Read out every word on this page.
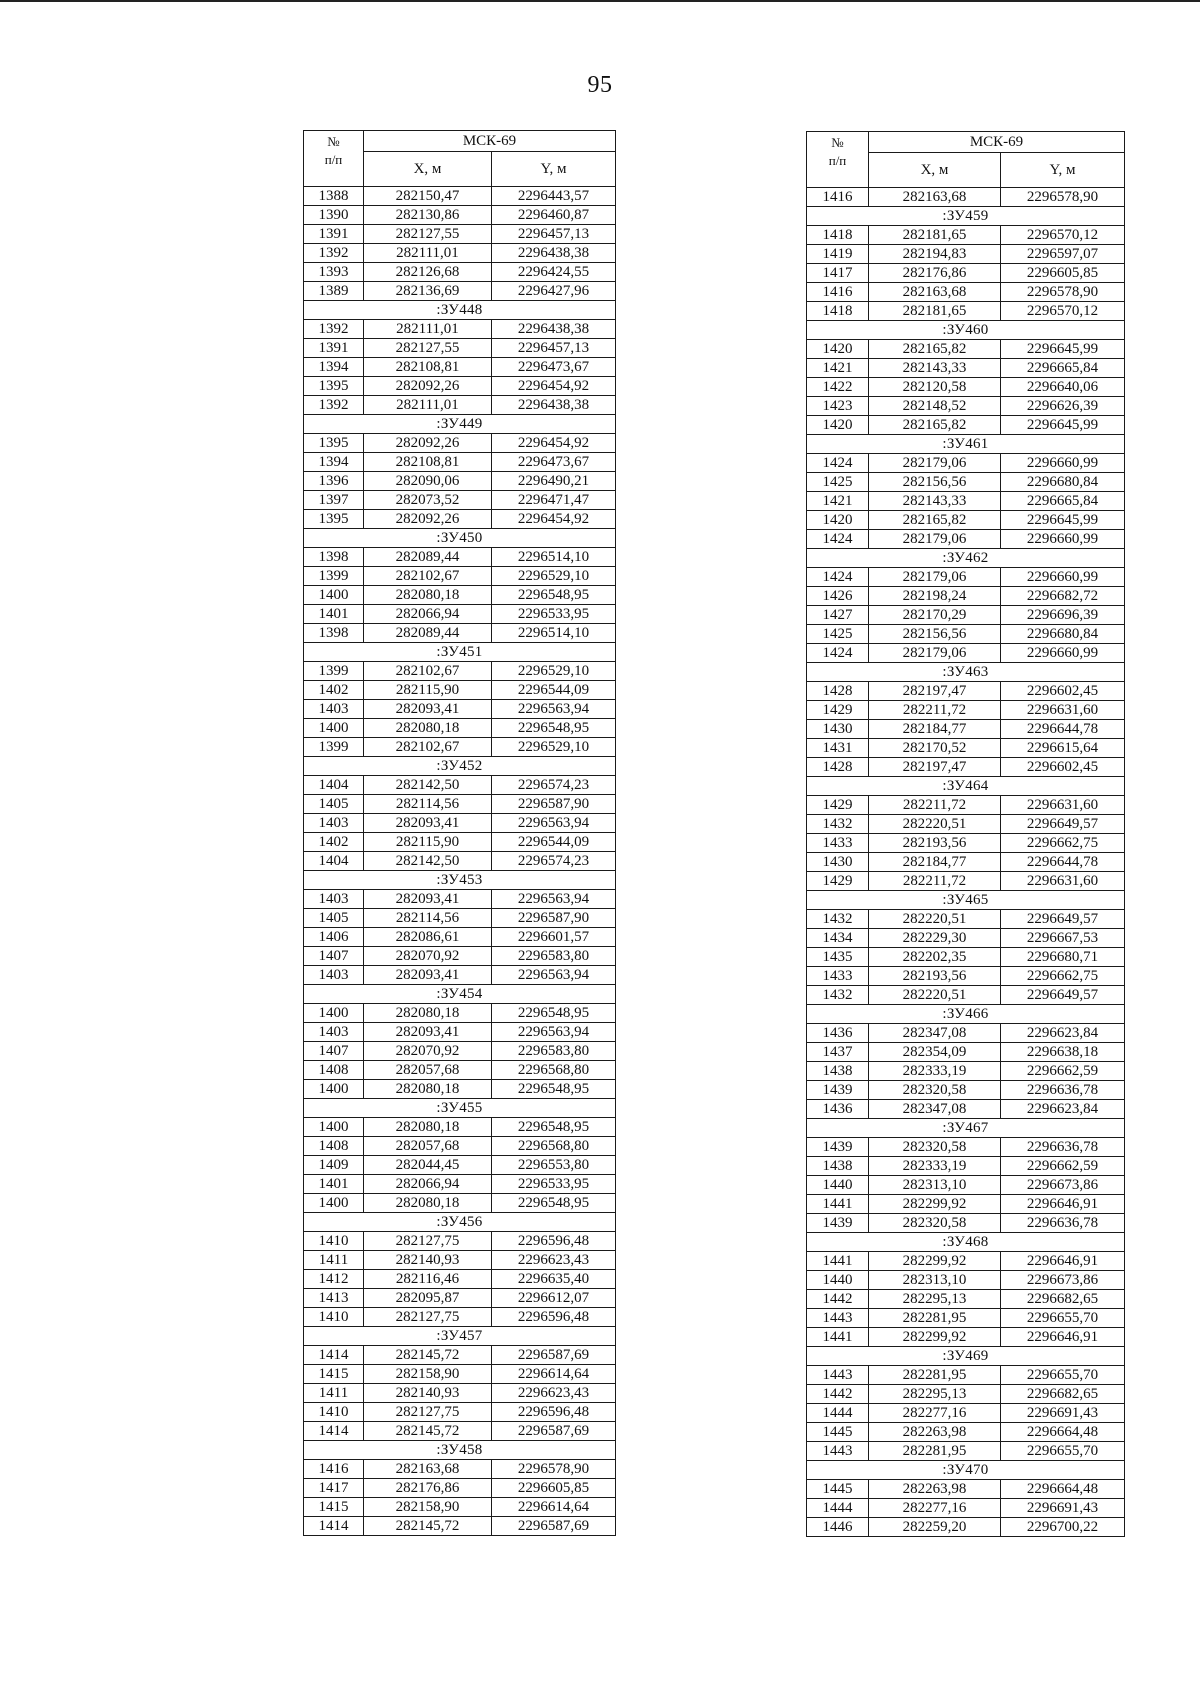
95
№
п/п	МСК-69	
	X, м	Y, м
1388	282150,47	2296443,57
1390	282130,86	2296460,87
1391	282127,55	2296457,13
1392	282111,01	2296438,38
1393	282126,68	2296424,55
1389	282136,69	2296427,96
:ЗУ448		
1392	282111,01	2296438,38
1391	282127,55	2296457,13
1394	282108,81	2296473,67
1395	282092,26	2296454,92
1392	282111,01	2296438,38
:ЗУ449		
1395	282092,26	2296454,92
1394	282108,81	2296473,67
1396	282090,06	2296490,21
1397	282073,52	2296471,47
1395	282092,26	2296454,92
:ЗУ450		
1398	282089,44	2296514,10
1399	282102,67	2296529,10
1400	282080,18	2296548,95
1401	282066,94	2296533,95
1398	282089,44	2296514,10
:ЗУ451		
1399	282102,67	2296529,10
1402	282115,90	2296544,09
1403	282093,41	2296563,94
1400	282080,18	2296548,95
1399	282102,67	2296529,10
:ЗУ452		
1404	282142,50	2296574,23
1405	282114,56	2296587,90
1403	282093,41	2296563,94
1402	282115,90	2296544,09
1404	282142,50	2296574,23
:ЗУ453		
1403	282093,41	2296563,94
1405	282114,56	2296587,90
1406	282086,61	2296601,57
1407	282070,92	2296583,80
1403	282093,41	2296563,94
:ЗУ454		
1400	282080,18	2296548,95
1403	282093,41	2296563,94
1407	282070,92	2296583,80
1408	282057,68	2296568,80
1400	282080,18	2296548,95
:ЗУ455		
1400	282080,18	2296548,95
1408	282057,68	2296568,80
1409	282044,45	2296553,80
1401	282066,94	2296533,95
1400	282080,18	2296548,95
:ЗУ456		
1410	282127,75	2296596,48
1411	282140,93	2296623,43
1412	282116,46	2296635,40
1413	282095,87	2296612,07
1410	282127,75	2296596,48
:ЗУ457		
1414	282145,72	2296587,69
1415	282158,90	2296614,64
1411	282140,93	2296623,43
1410	282127,75	2296596,48
1414	282145,72	2296587,69
:ЗУ458		
1416	282163,68	2296578,90
1417	282176,86	2296605,85
1415	282158,90	2296614,64
1414	282145,72	2296587,69
№
п/п	МСК-69	
	X, м	Y, м
1416	282163,68	2296578,90
:ЗУ459		
1418	282181,65	2296570,12
1419	282194,83	2296597,07
1417	282176,86	2296605,85
1416	282163,68	2296578,90
1418	282181,65	2296570,12
:ЗУ460		
1420	282165,82	2296645,99
1421	282143,33	2296665,84
1422	282120,58	2296640,06
1423	282148,52	2296626,39
1420	282165,82	2296645,99
:ЗУ461		
1424	282179,06	2296660,99
1425	282156,56	2296680,84
1421	282143,33	2296665,84
1420	282165,82	2296645,99
1424	282179,06	2296660,99
:ЗУ462		
1424	282179,06	2296660,99
1426	282198,24	2296682,72
1427	282170,29	2296696,39
1425	282156,56	2296680,84
1424	282179,06	2296660,99
:ЗУ463		
1428	282197,47	2296602,45
1429	282211,72	2296631,60
1430	282184,77	2296644,78
1431	282170,52	2296615,64
1428	282197,47	2296602,45
:ЗУ464		
1429	282211,72	2296631,60
1432	282220,51	2296649,57
1433	282193,56	2296662,75
1430	282184,77	2296644,78
1429	282211,72	2296631,60
:ЗУ465		
1432	282220,51	2296649,57
1434	282229,30	2296667,53
1435	282202,35	2296680,71
1433	282193,56	2296662,75
1432	282220,51	2296649,57
:ЗУ466		
1436	282347,08	2296623,84
1437	282354,09	2296638,18
1438	282333,19	2296662,59
1439	282320,58	2296636,78
1436	282347,08	2296623,84
:ЗУ467		
1439	282320,58	2296636,78
1438	282333,19	2296662,59
1440	282313,10	2296673,86
1441	282299,92	2296646,91
1439	282320,58	2296636,78
:ЗУ468		
1441	282299,92	2296646,91
1440	282313,10	2296673,86
1442	282295,13	2296682,65
1443	282281,95	2296655,70
1441	282299,92	2296646,91
:ЗУ469		
1443	282281,95	2296655,70
1442	282295,13	2296682,65
1444	282277,16	2296691,43
1445	282263,98	2296664,48
1443	282281,95	2296655,70
:ЗУ470		
1445	282263,98	2296664,48
1444	282277,16	2296691,43
1446	282259,20	2296700,22
